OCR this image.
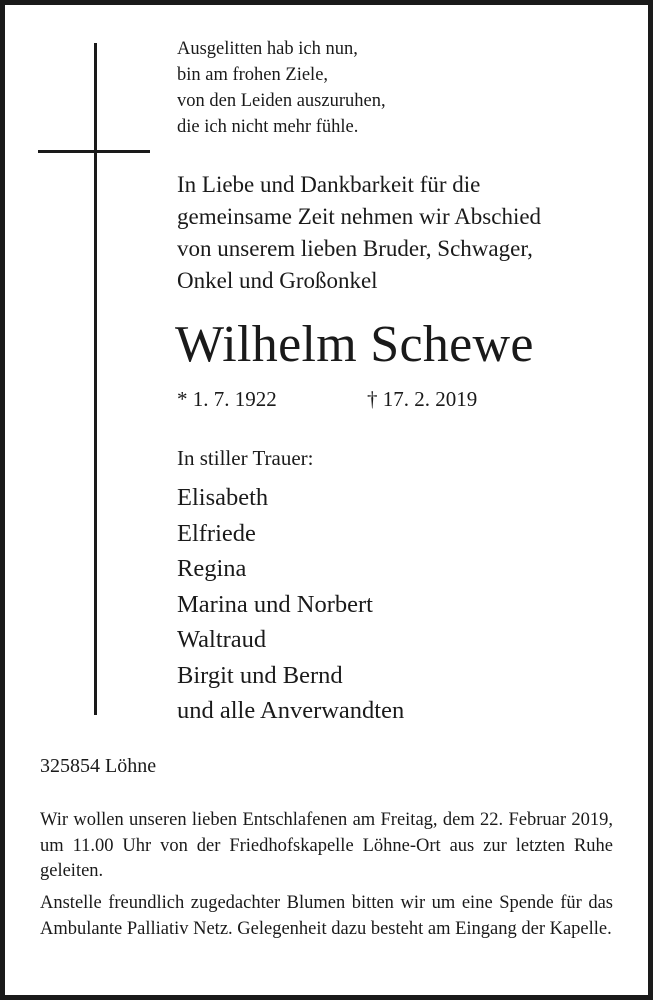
Ausgelitten hab ich nun,
bin am frohen Ziele,
von den Leiden auszuruhen,
die ich nicht mehr fühle.
In Liebe und Dankbarkeit für die
gemeinsame Zeit nehmen wir Abschied
von unserem lieben Bruder, Schwager,
Onkel und Großonkel
Wilhelm Schewe
* 1. 7. 1922	† 17. 2. 2019
In stiller Trauer:
Elisabeth
Elfriede
Regina
Marina und Norbert
Waltraud
Birgit und Bernd
und alle Anverwandten
325854 Löhne
Wir wollen unseren lieben Entschlafenen am Freitag, dem 22. Februar 2019, um 11.00 Uhr von der Friedhofskapelle Löhne-Ort aus zur letzten Ruhe geleiten.
Anstelle freundlich zugedachter Blumen bitten wir um eine Spende für das Ambulante Palliativ Netz. Gelegenheit dazu besteht am Eingang der Kapelle.
